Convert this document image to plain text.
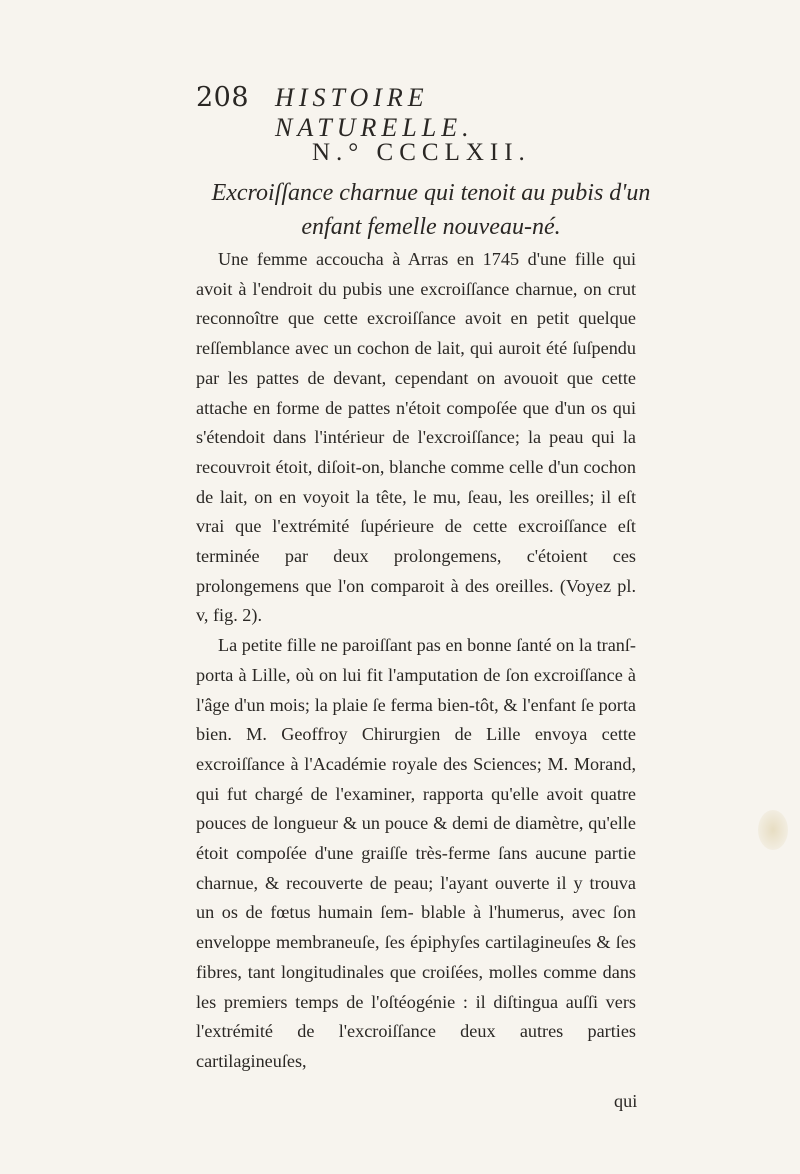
208 HISTOIRE NATURELLE.
N.° CCCLXII.
Excroiſſance charnue qui tenoit au pubis d'un enfant femelle nouveau-né.

Une femme accoucha à Arras en 1745 d'une fille qui avoit à l'endroit du pubis une excroiſſance charnue, on crut reconnoître que cette excroiſſance avoit en petit quelque reſſemblance avec un cochon de lait, qui auroit été ſuſpendu par les pattes de devant, cependant on avouoit que cette attache en forme de pattes n'étoit compoſée que d'un os qui s'étendoit dans l'intérieur de l'excroiſſance; la peau qui la recouvroit étoit, diſoit-on, blanche comme celle d'un cochon de lait, on en voyoit la tête, le mu, ſeau, les oreilles; il eſt vrai que l'extrémité ſupérieure de cette excroiſſance eſt terminée par deux prolongemens, c'étoient ces prolongemens que l'on comparoit à des oreilles. (Voyez pl. v, fig. 2).

La petite fille ne paroiſſant pas en bonne ſanté on la tranſ- porta à Lille, où on lui fit l'amputation de ſon excroiſſance à l'âge d'un mois; la plaie ſe ferma bien-tôt, & l'enfant ſe porta bien. M. Geoffroy Chirurgien de Lille envoya cette excroiſſance à l'Académie royale des Sciences; M. Morand, qui fut chargé de l'examiner, rapporta qu'elle avoit quatre pouces de longueur & un pouce & demi de diamètre, qu'elle étoit compoſée d'une graiſſe très-ferme ſans aucune partie charnue, & recouverte de peau; l'ayant ouverte il y trouva un os de fœtus humain ſem- blable à l'humerus, avec ſon enveloppe membraneuſe, ſes épiphyſes cartilagineuſes & ſes fibres, tant longitudinales que croiſées, molles comme dans les premiers temps de l'oſtéogénie : il diſtingua auſſi vers l'extrémité de l'excroiſſance deux autres parties cartilagineuſes,

qui
